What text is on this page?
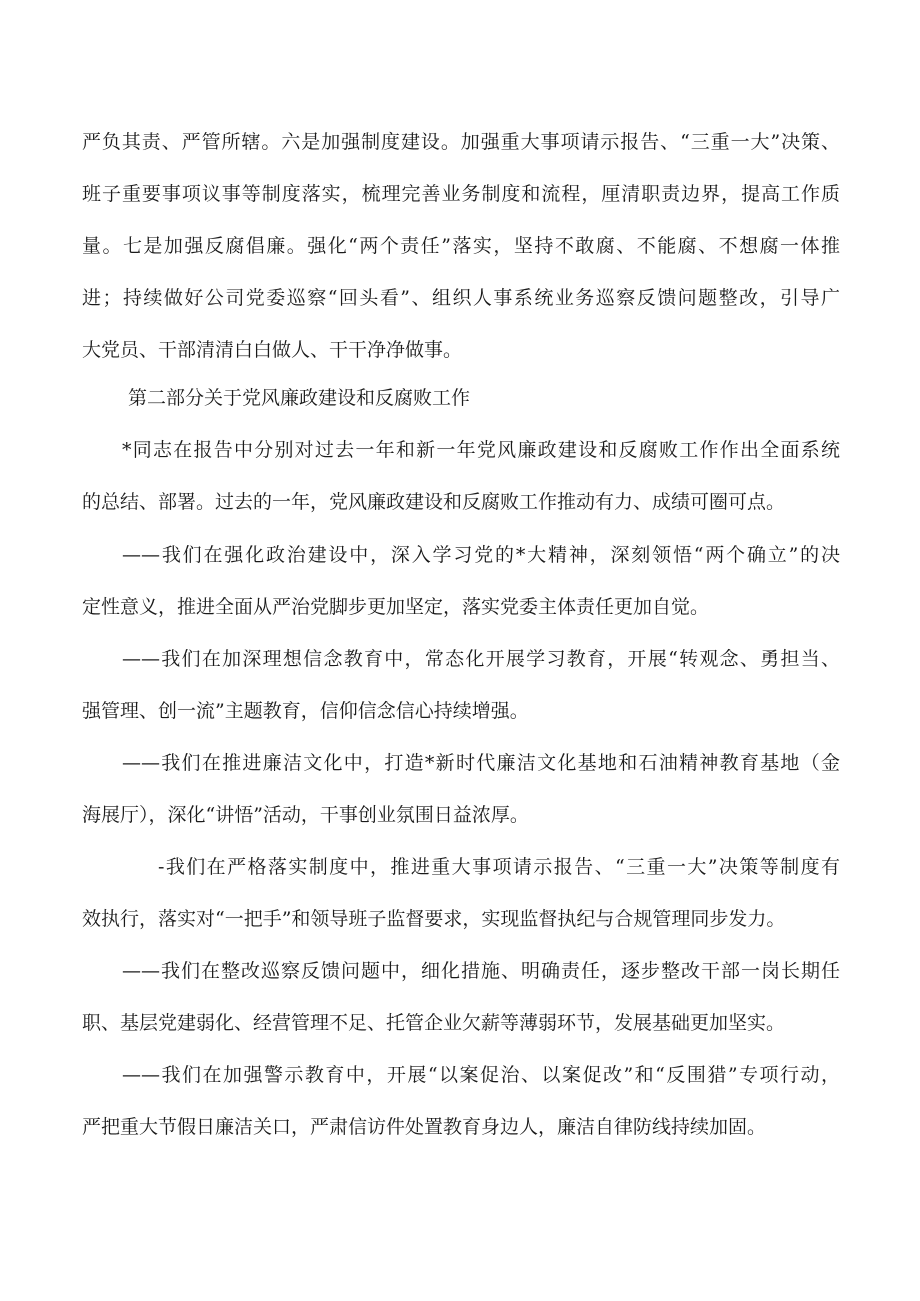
严负其责、严管所辖。六是加强制度建设。加强重大事项请示报告、“三重一大”决策、
班子重要事项议事等制度落实，梳理完善业务制度和流程，厘清职责边界，提高工作质
量。七是加强反腐倡廉。强化“两个责任”落实，坚持不敢腐、不能腐、不想腐一体推
进；持续做好公司党委巡察“回头看”、组织人事系统业务巡察反馈问题整改，引导广
大党员、干部清清白白做人、干干净净做事。
第二部分关于党风廉政建设和反腐败工作
*同志在报告中分别对过去一年和新一年党风廉政建设和反腐败工作作出全面系统
的总结、部署。过去的一年，党风廉政建设和反腐败工作推动有力、成绩可圈可点。
——我们在强化政治建设中，深入学习党的*大精神，深刻领悟“两个确立”的决
定性意义，推进全面从严治党脚步更加坚定，落实党委主体责任更加自觉。
——我们在加深理想信念教育中，常态化开展学习教育，开展“转观念、勇担当、
强管理、创一流”主题教育，信仰信念信心持续增强。
——我们在推进廉洁文化中，打造*新时代廉洁文化基地和石油精神教育基地（金
海展厅），深化“讲悟”活动，干事创业氛围日益浓厚。
-我们在严格落实制度中，推进重大事项请示报告、“三重一大”决策等制度有
效执行，落实对“一把手”和领导班子监督要求，实现监督执纪与合规管理同步发力。
——我们在整改巡察反馈问题中，细化措施、明确责任，逐步整改干部一岗长期任
职、基层党建弱化、经营管理不足、托管企业欠薪等薄弱环节，发展基础更加坚实。
——我们在加强警示教育中，开展“以案促治、以案促改”和“反围猎”专项行动，
严把重大节假日廉洁关口，严肃信访件处置教育身边人，廉洁自律防线持续加固。
